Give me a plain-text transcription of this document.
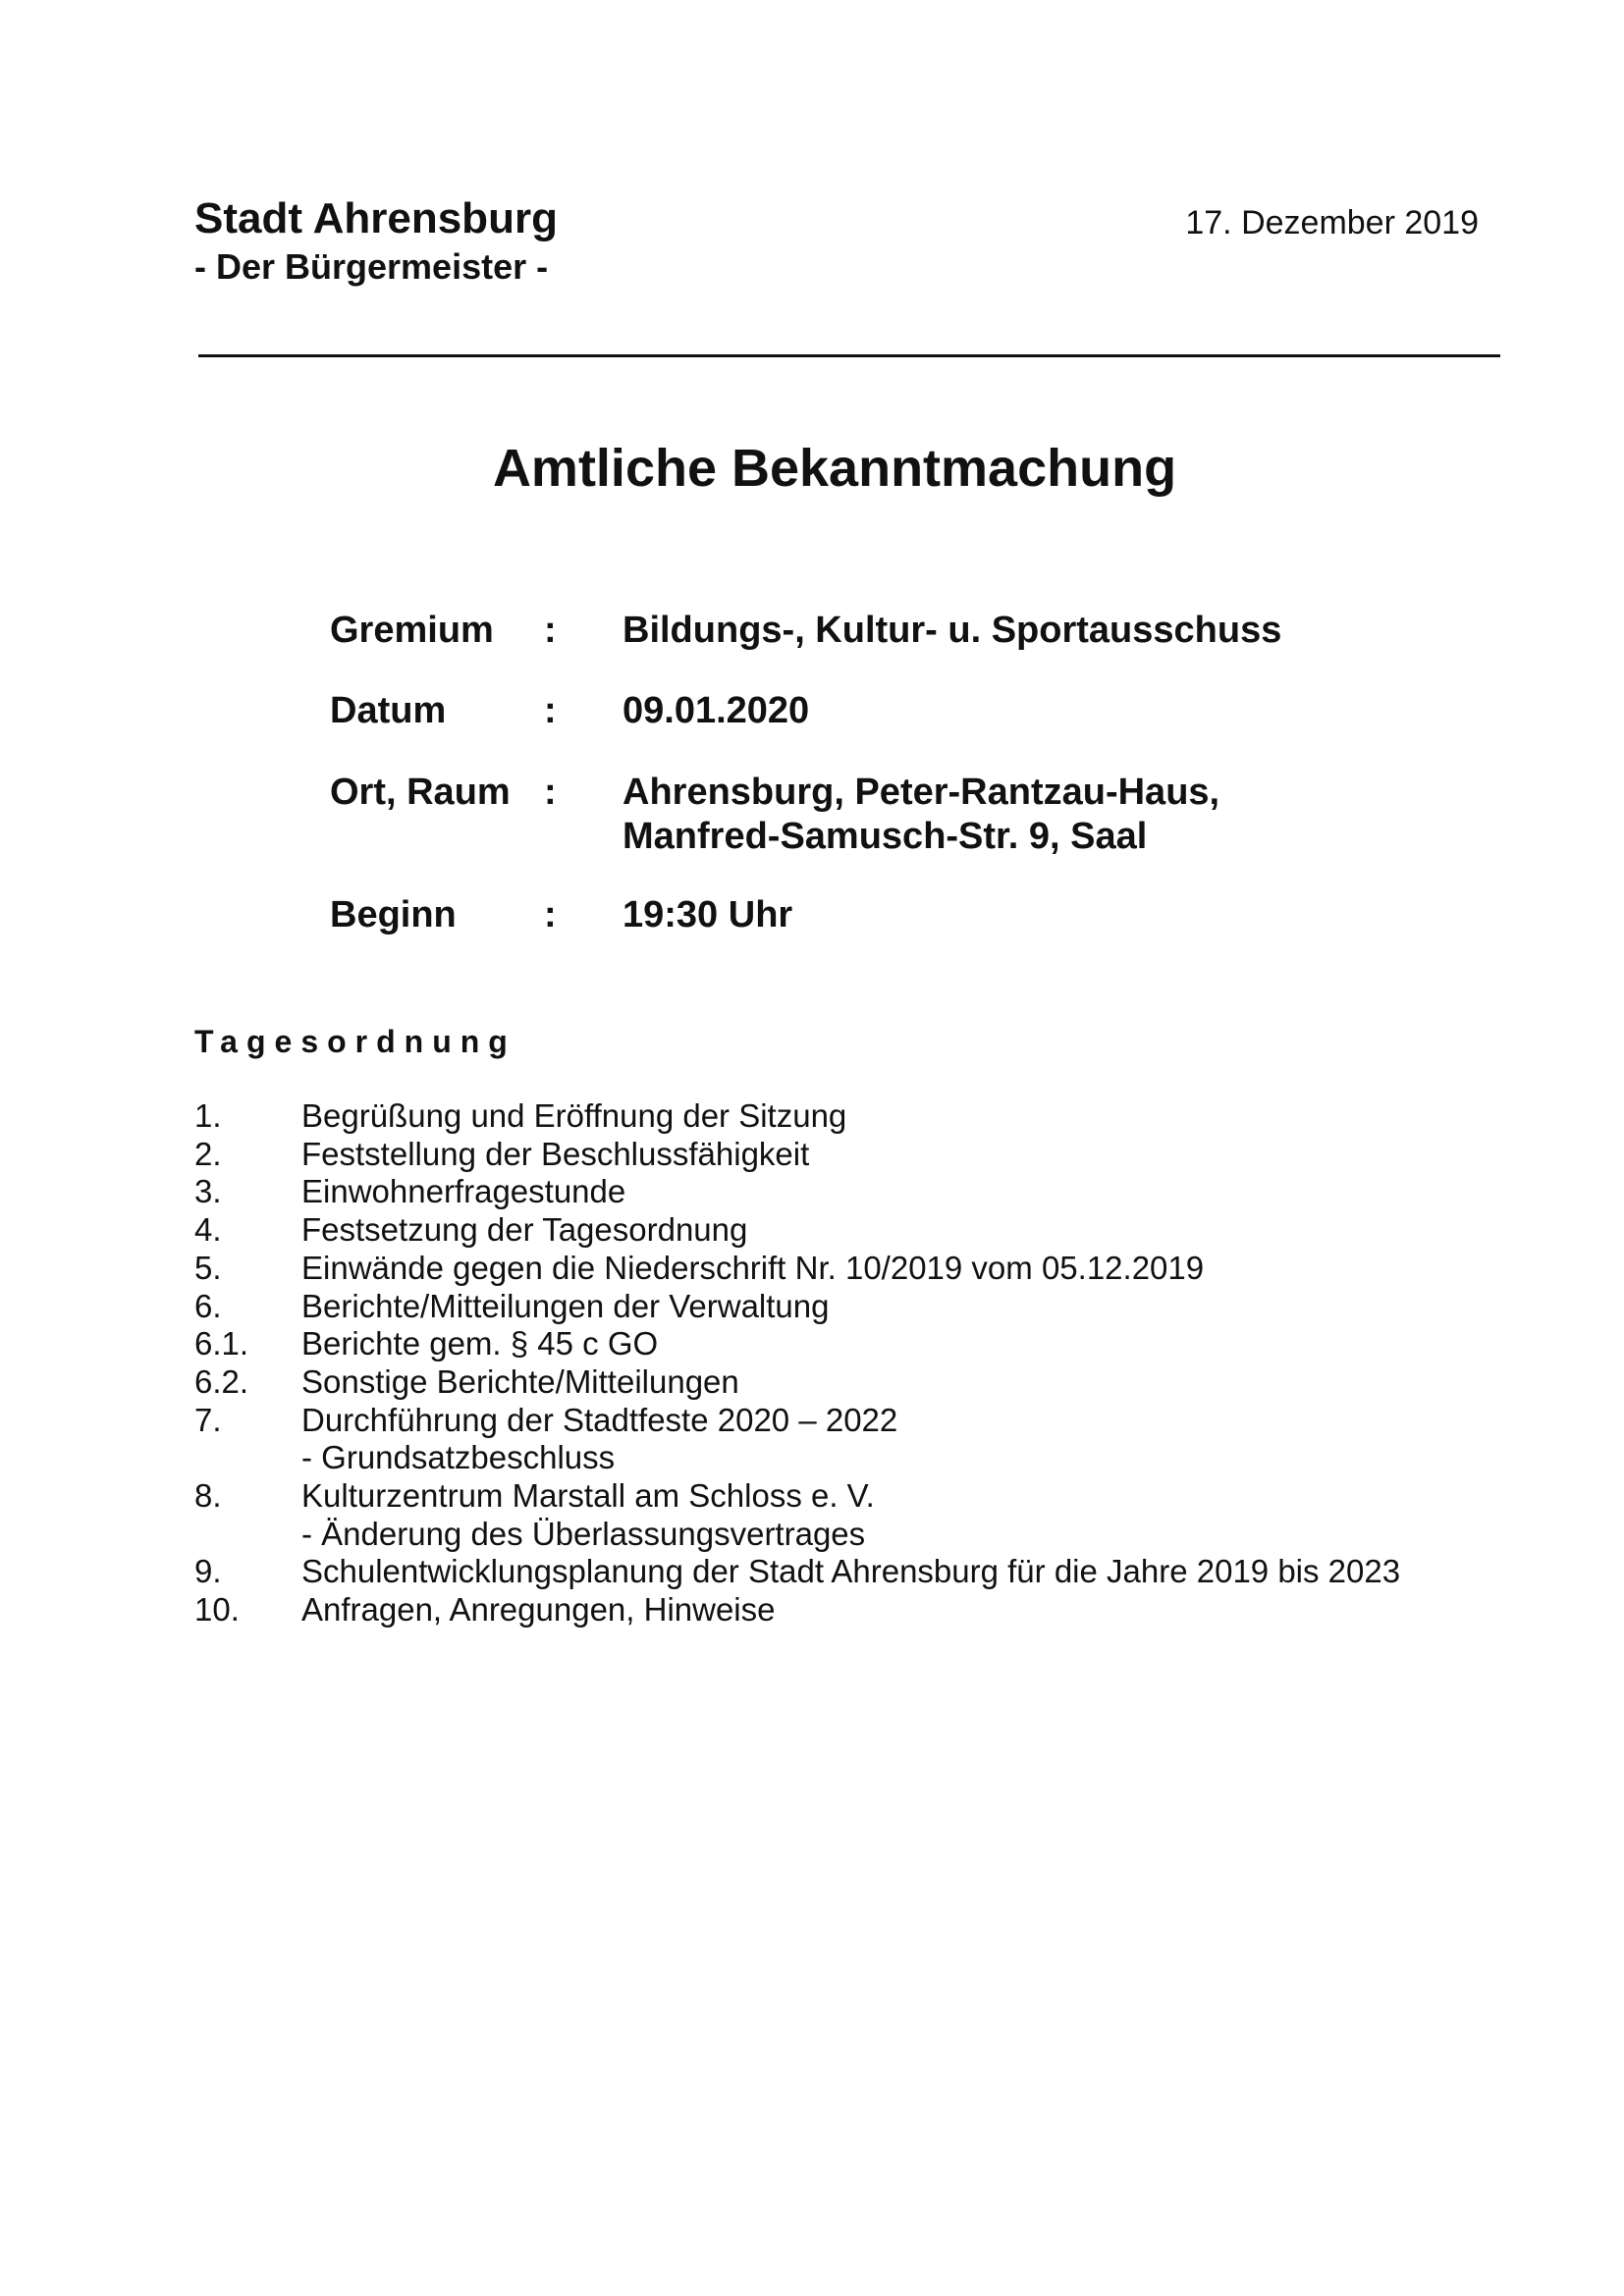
Stadt Ahrensburg
- Der Bürgermeister -
17. Dezember 2019
Amtliche Bekanntmachung
Gremium : Bildungs-, Kultur- u. Sportausschuss
Datum	: 09.01.2020
Ort, Raum : Ahrensburg, Peter-Rantzau-Haus,
Manfred-Samusch-Str. 9, Saal
Beginn : 19:30 Uhr
Tagesordnung
1. Begrüßung und Eröffnung der Sitzung
2. Feststellung der Beschlussfähigkeit
3. Einwohnerfragestunde
4. Festsetzung der Tagesordnung
5. Einwände gegen die Niederschrift Nr. 10/2019 vom 05.12.2019
6. Berichte/Mitteilungen der Verwaltung
6.1. Berichte gem. § 45 c GO
6.2. Sonstige Berichte/Mitteilungen
7. Durchführung der Stadtfeste 2020 – 2022
- Grundsatzbeschluss
8. Kulturzentrum Marstall am Schloss e. V.
- Änderung des Überlassungsvertrages
9. Schulentwicklungsplanung der Stadt Ahrensburg für die Jahre 2019 bis 2023
10. Anfragen, Anregungen, Hinweise
